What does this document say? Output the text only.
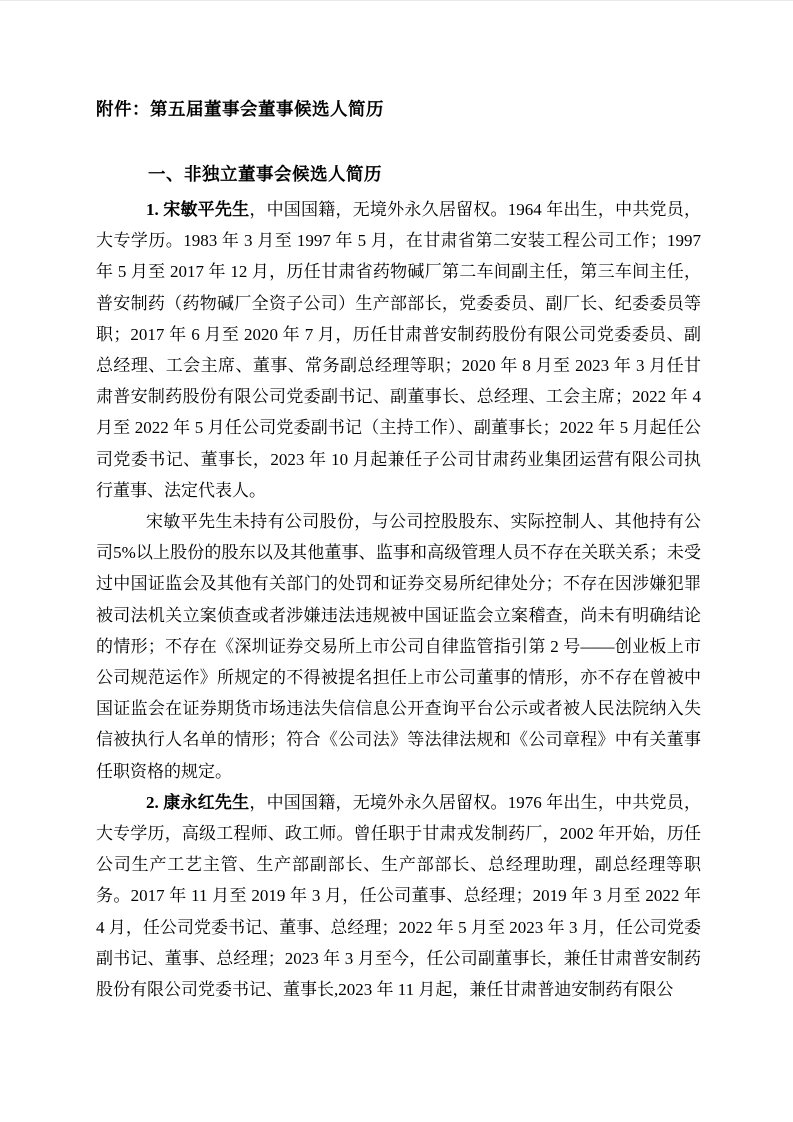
附件：第五届董事会董事候选人简历
一、非独立董事会候选人简历

1. 宋敏平先生，中国国籍，无境外永久居留权。1964 年出生，中共党员，大专学历。1983 年 3 月至 1997 年 5 月，在甘肃省第二安装工程公司工作；1997 年 5 月至 2017 年 12 月，历任甘肃省药物碱厂第二车间副主任，第三车间主任，普安制药（药物碱厂全资子公司）生产部部长，党委委员、副厂长、纪委委员等职；2017 年 6 月至 2020 年 7 月，历任甘肃普安制药股份有限公司党委委员、副总经理、工会主席、董事、常务副总经理等职；2020 年 8 月至 2023 年 3 月任甘肃普安制药股份有限公司党委副书记、副董事长、总经理、工会主席；2022 年 4 月至 2022 年 5 月任公司党委副书记（主持工作）、副董事长；2022 年 5 月起任公司党委书记、董事长，2023 年 10 月起兼任子公司甘肃药业集团运营有限公司执行董事、法定代表人。

宋敏平先生未持有公司股份，与公司控股股东、实际控制人、其他持有公司5%以上股份的股东以及其他董事、监事和高级管理人员不存在关联关系；未受过中国证监会及其他有关部门的处罚和证券交易所纪律处分；不存在因涉嫌犯罪被司法机关立案侦查或者涉嫌违法违规被中国证监会立案稽查，尚未有明确结论的情形；不存在《深圳证券交易所上市公司自律监管指引第 2 号——创业板上市公司规范运作》所规定的不得被提名担任上市公司董事的情形，亦不存在曾被中国证监会在证券期货市场违法失信信息公开查询平台公示或者被人民法院纳入失信被执行人名单的情形；符合《公司法》等法律法规和《公司章程》中有关董事任职资格的规定。

2. 康永红先生，中国国籍，无境外永久居留权。1976 年出生，中共党员，大专学历，高级工程师、政工师。曾任职于甘肃戎发制药厂，2002 年开始，历任公司生产工艺主管、生产部副部长、生产部部长、总经理助理，副总经理等职务。2017 年 11 月至 2019 年 3 月，任公司董事、总经理；2019 年 3 月至 2022 年 4 月，任公司党委书记、董事、总经理；2022 年 5 月至 2023 年 3 月，任公司党委副书记、董事、总经理；2023 年 3 月至今，任公司副董事长，兼任甘肃普安制药股份有限公司党委书记、董事长,2023 年 11 月起，兼任甘肃普迪安制药有限公
